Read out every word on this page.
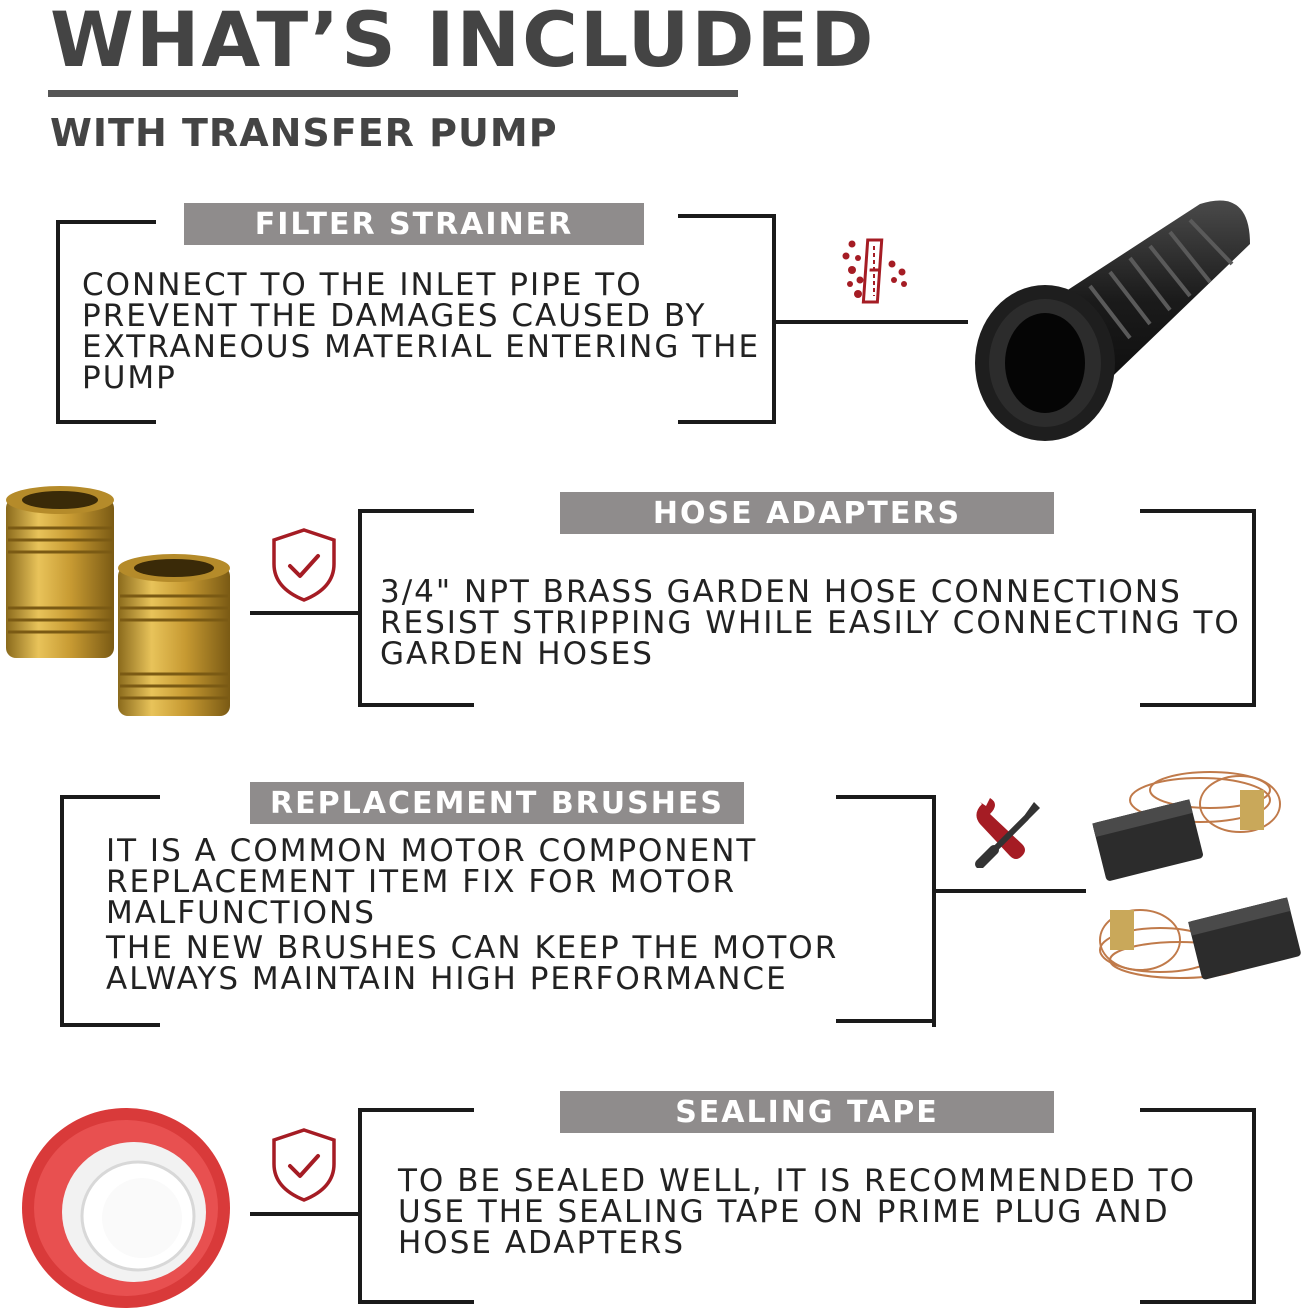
WHAT’S INCLUDED
WITH TRANSFER PUMP
FILTER STRAINER

CONNECT TO THE INLET PIPE TO PREVENT THE DAMAGES CAUSED BY EXTRANEOUS MATERIAL ENTERING THE PUMP

HOSE ADAPTERS

3/4" NPT BRASS GARDEN HOSE CONNECTIONS RESIST STRIPPING WHILE EASILY CONNECTING TO GARDEN HOSES

REPLACEMENT BRUSHES

IT IS A COMMON MOTOR COMPONENT REPLACEMENT ITEM FIX FOR MOTOR MALFUNCTIONS

THE NEW BRUSHES CAN KEEP THE MOTOR ALWAYS MAINTAIN HIGH PERFORMANCE

SEALING TAPE

TO BE SEALED WELL, IT IS RECOMMENDED TO USE THE SEALING TAPE ON PRIME PLUG AND HOSE ADAPTERS
